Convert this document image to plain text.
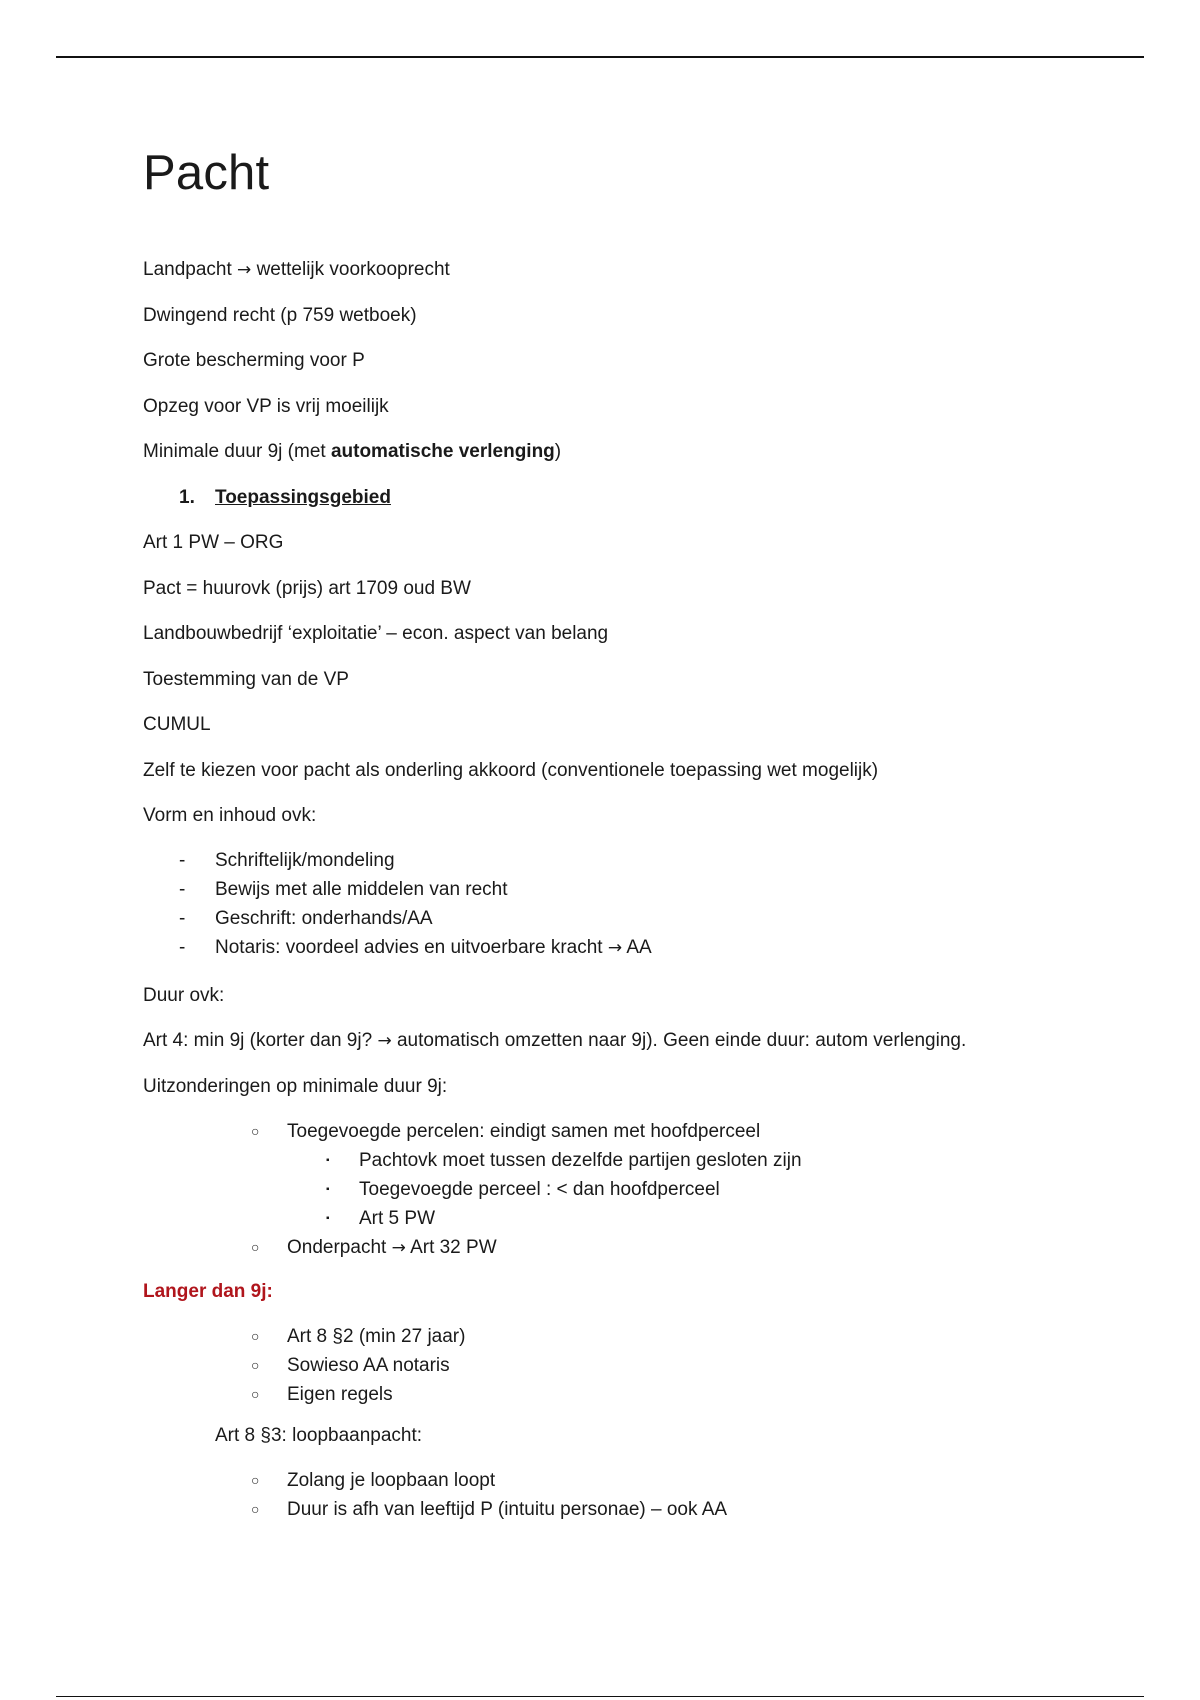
Pacht

Landpacht → wettelijk voorkooprecht

Dwingend recht (p 759 wetboek)

Grote bescherming voor P

Opzeg voor VP is vrij moeilijk

Minimale duur 9j (met automatische verlenging)

1.	Toepassingsgebied

Art 1 PW – ORG

Pact = huurovk (prijs) art 1709 oud BW

Landbouwbedrijf ‘exploitatie’ – econ. aspect van belang

Toestemming van de VP

CUMUL

Zelf te kiezen voor pacht als onderling akkoord (conventionele toepassing wet mogelijk)

Vorm en inhoud ovk:

- Schriftelijk/mondeling
- Bewijs met alle middelen van recht
- Geschrift: onderhands/AA
- Notaris: voordeel advies en uitvoerbare kracht → AA

Duur ovk:

Art 4: min 9j (korter dan 9j? → automatisch omzetten naar 9j). Geen einde duur: autom verlenging.

Uitzonderingen op minimale duur 9j:

○ Toegevoegde percelen: eindigt samen met hoofdperceel
▪ Pachtovk moet tussen dezelfde partijen gesloten zijn
▪ Toegevoegde perceel : < dan hoofdperceel
▪ Art 5 PW
○ Onderpacht → Art 32 PW

Langer dan 9j:

○ Art 8 §2 (min 27 jaar)
○ Sowieso AA notaris
○ Eigen regels

Art 8 §3: loopbaanpacht:

○ Zolang je loopbaan loopt
○ Duur is afh van leeftijd P (intuitu personae) – ook AA
